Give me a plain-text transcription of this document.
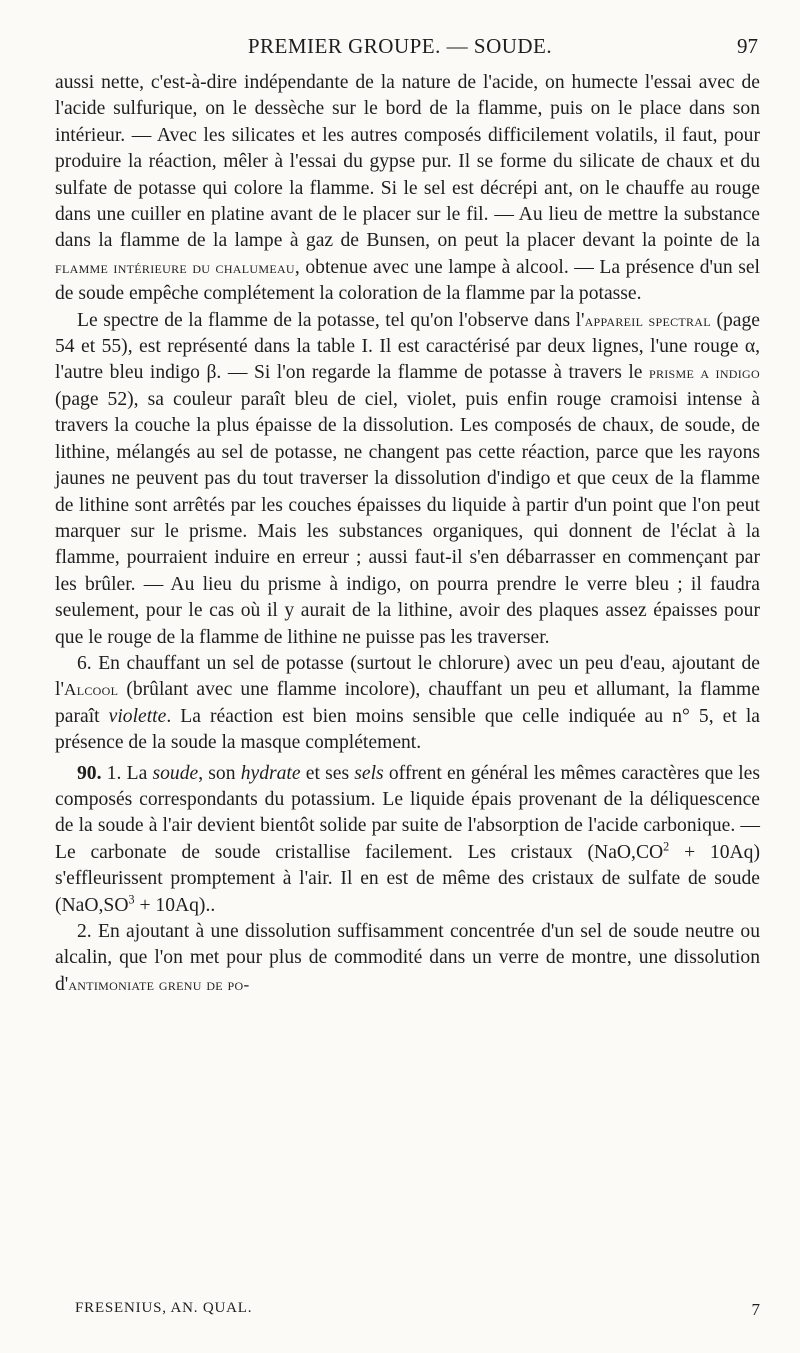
PREMIER GROUPE. — SOUDE.	97

aussi nette, c'est-à-dire indépendante de la nature de l'acide, on humecte l'essai avec de l'acide sulfurique, on le dessèche sur le bord de la flamme, puis on le place dans son intérieur. — Avec les silicates et les autres composés difficilement volatils, il faut, pour produire la réaction, mêler à l'essai du gypse pur. Il se forme du silicate de chaux et du sulfate de potasse qui colore la flamme. Si le sel est décrépi ant, on le chauffe au rouge dans une cuiller en platine avant de le placer sur le fil. — Au lieu de mettre la substance dans la flamme de la lampe à gaz de Bunsen, on peut la placer devant la pointe de la flamme intérieure du chalumeau, obtenue avec une lampe à alcool. — La présence d'un sel de soude empêche complétement la coloration de la flamme par la potasse.

Le spectre de la flamme de la potasse, tel qu'on l'observe dans l'appareil spectral (page 54 et 55), est représenté dans la table I. Il est caractérisé par deux lignes, l'une rouge α, l'autre bleu indigo β. — Si l'on regarde la flamme de potasse à travers le prisme a indigo (page 52), sa couleur paraît bleu de ciel, violet, puis enfin rouge cramoisi intense à travers la couche la plus épaisse de la dissolution. Les composés de chaux, de soude, de lithine, mélangés au sel de potasse, ne changent pas cette réaction, parce que les rayons jaunes ne peuvent pas du tout traverser la dissolution d'indigo et que ceux de la flamme de lithine sont arrêtés par les couches épaisses du liquide à partir d'un point que l'on peut marquer sur le prisme. Mais les substances organiques, qui donnent de l'éclat à la flamme, pourraient induire en erreur ; aussi faut-il s'en débarrasser en commençant par les brûler. — Au lieu du prisme à indigo, on pourra prendre le verre bleu ; il faudra seulement, pour le cas où il y aurait de la lithine, avoir des plaques assez épaisses pour que le rouge de la flamme de lithine ne puisse pas les traverser.

6. En chauffant un sel de potasse (surtout le chlorure) avec un peu d'eau, ajoutant de l'Alcool (brûlant avec une flamme incolore), chauffant un peu et allumant, la flamme paraît violette. La réaction est bien moins sensible que celle indiquée au n° 5, et la présence de la soude la masque complétement.

90. 1. La soude, son hydrate et ses sels offrent en général les mêmes caractères que les composés correspondants du potassium. Le liquide épais provenant de la déliquescence de la soude à l'air devient bientôt solide par suite de l'absorption de l'acide carbonique. — Le carbonate de soude cristallise facilement. Les cristaux $(NaO,CO^2 + 10Aq)$ s'effleurissent promptement à l'air. Il en est de même des cristaux de sulfate de soude $(NaO,SO^3 + 10Aq)$..

2. En ajoutant à une dissolution suffisamment concentrée d'un sel de soude neutre ou alcalin, que l'on met pour plus de commodité dans un verre de montre, une dissolution d'antimoniate grenu de po-

FRESENIUS, AN. QUAL.	7
